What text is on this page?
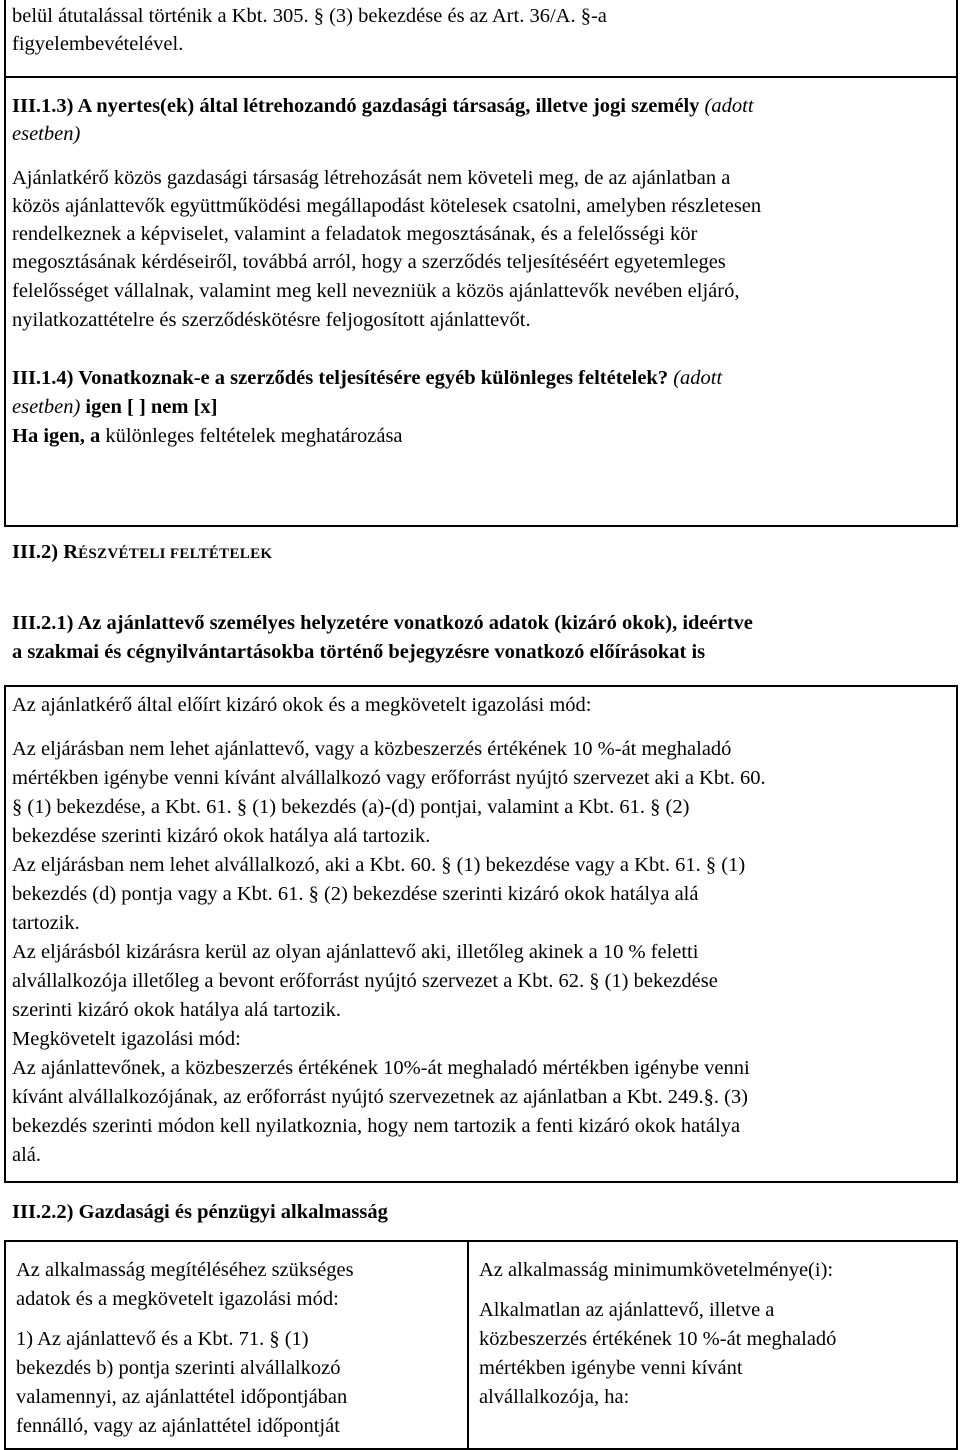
belül átutalással történik a Kbt. 305. § (3) bekezdése és az Art. 36/A. §-a
figyelembevételével.
III.1.3) A nyertes(ek) által létrehozandó gazdasági társaság, illetve jogi személy (adott
esetben)
Ajánlatkérő közös gazdasági társaság létrehozását nem követeli meg, de az ajánlatban a
közös ajánlattevők együttműködési megállapodást kötelesek csatolni, amelyben részletesen
rendelkeznek a képviselet, valamint a feladatok megosztásának, és a felelősségi kör
megosztásának kérdéseiről, továbbá arról, hogy a szerződés teljesítéséért egyetemleges
felelősséget vállalnak, valamint meg kell nevezniük a közös ajánlattevők nevében eljáró,
nyilatkozattételre és szerződéskötésre feljogosított ajánlattevőt.
III.1.4) Vonatkoznak-e a szerződés teljesítésére egyéb különleges feltételek? (adott
esetben) igen [ ] nem [x]
Ha igen, a különleges feltételek meghatározása
III.2) RÉSZVÉTELI FELTÉTELEK
III.2.1) Az ajánlattevő személyes helyzetére vonatkozó adatok (kizáró okok), ideértve
a szakmai és cégnyilvántartásokba történő bejegyzésre vonatkozó előírásokat is
Az ajánlatkérő által előírt kizáró okok és a megkövetelt igazolási mód:
Az eljárásban nem lehet ajánlattevő, vagy a közbeszerzés értékének 10 %-át meghaladó
mértékben igénybe venni kívánt alvállalkozó vagy erőforrást nyújtó szervezet aki a Kbt. 60.
§ (1) bekezdése, a Kbt. 61. § (1) bekezdés (a)-(d) pontjai, valamint a Kbt. 61. § (2)
bekezdése szerinti kizáró okok hatálya alá tartozik.
Az eljárásban nem lehet alvállalkozó, aki a Kbt. 60. § (1) bekezdése vagy a Kbt. 61. § (1)
bekezdés (d) pontja vagy a Kbt. 61. § (2) bekezdése szerinti kizáró okok hatálya alá
tartozik.
Az eljárásból kizárásra kerül az olyan ajánlattevő aki, illetőleg akinek a 10 % feletti
alvállalkozója illetőleg a bevont erőforrást nyújtó szervezet a Kbt. 62. § (1) bekezdése
szerinti kizáró okok hatálya alá tartozik.
Megkövetelt igazolási mód:
Az ajánlattevőnek, a közbeszerzés értékének 10%-át meghaladó mértékben igénybe venni
kívánt alvállalkozójának, az erőforrást nyújtó szervezetnek az ajánlatban a Kbt. 249.§. (3)
bekezdés szerinti módon kell nyilatkoznia, hogy nem tartozik a fenti kizáró okok hatálya
alá.
III.2.2) Gazdasági és pénzügyi alkalmasság
Az alkalmasság megítéléséhez szükséges
adatok és a megkövetelt igazolási mód:
1) Az ajánlattevő és a Kbt. 71. § (1)
bekezdés b) pontja szerinti alvállalkozó
valamennyi, az ajánlattétel időpontjában
fennálló, vagy az ajánlattétel időpontját
Az alkalmasság minimumkövetelménye(i):
Alkalmatlan az ajánlattevő, illetve a
közbeszerzés értékének 10 %-át meghaladó
mértékben igénybe venni kívánt
alvállalkozója, ha:
